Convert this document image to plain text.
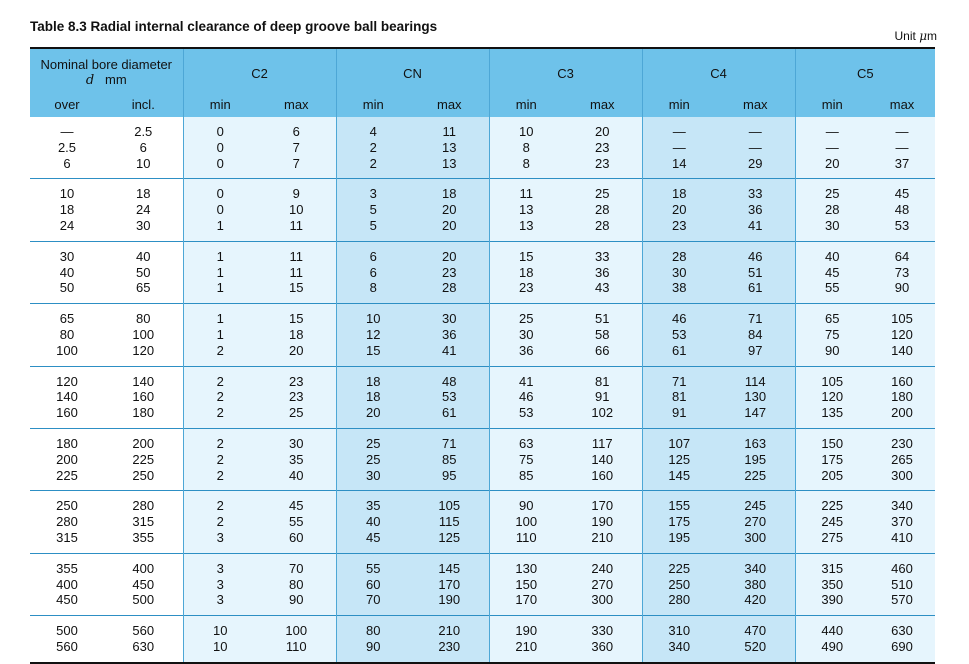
Table 8.3 Radial internal clearance of deep groove ball bearings
Unit μm
Nominal bore diameter
d mm		C2		CN		C3		C4		C5	
over	incl.	min	max	min	max	min	max	min	max	min	max

—	2.5	0	6	4	11	10	20	—	—	—	—
2.5	6	0	7	2	13	8	23	—	—	—	—
6	10	0	7	2	13	8	23	14	29	20	37

10	18	0	9	3	18	11	25	18	33	25	45
18	24	0	10	5	20	13	28	20	36	28	48
24	30	1	11	5	20	13	28	23	41	30	53

30	40	1	11	6	20	15	33	28	46	40	64
40	50	1	11	6	23	18	36	30	51	45	73
50	65	1	15	8	28	23	43	38	61	55	90

65	80	1	15	10	30	25	51	46	71	65	105
80	100	1	18	12	36	30	58	53	84	75	120
100	120	2	20	15	41	36	66	61	97	90	140

120	140	2	23	18	48	41	81	71	114	105	160
140	160	2	23	18	53	46	91	81	130	120	180
160	180	2	25	20	61	53	102	91	147	135	200

180	200	2	30	25	71	63	117	107	163	150	230
200	225	2	35	25	85	75	140	125	195	175	265
225	250	2	40	30	95	85	160	145	225	205	300

250	280	2	45	35	105	90	170	155	245	225	340
280	315	2	55	40	115	100	190	175	270	245	370
315	355	3	60	45	125	110	210	195	300	275	410

355	400	3	70	55	145	130	240	225	340	315	460
400	450	3	80	60	170	150	270	250	380	350	510
450	500	3	90	70	190	170	300	280	420	390	570

500	560	10	100	80	210	190	330	310	470	440	630
560	630	10	110	90	230	210	360	340	520	490	690
